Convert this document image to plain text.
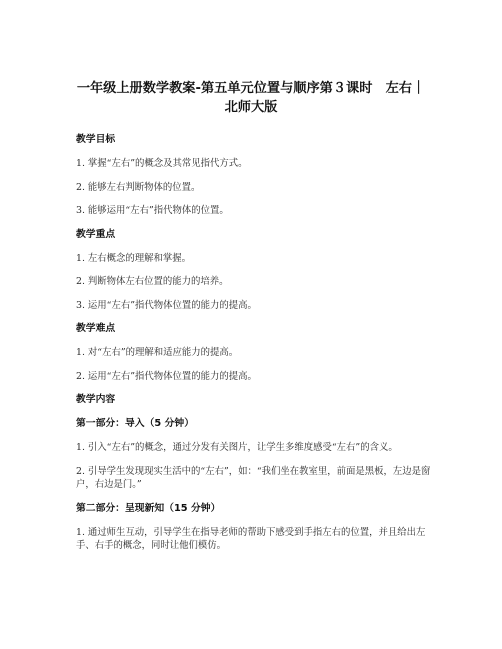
一年级上册数学教案-第五单元位置与顺序第３课时　左右｜
北师大版
教学目标
1. 掌握“左右”的概念及其常见指代方式。
2. 能够左右判断物体的位置。
3. 能够运用“左右”指代物体的位置。
教学重点
1. 左右概念的理解和掌握。
2. 判断物体左右位置的能力的培养。
3. 运用“左右”指代物体位置的能力的提高。
教学难点
1. 对“左右”的理解和适应能力的提高。
2. 运用“左右”指代物体位置的能力的提高。
教学内容
第一部分：导入（5 分钟）
1. 引入“左右”的概念，通过分发有关图片，让学生多维度感受“左右”的含义。
2. 引导学生发现现实生活中的“左右”，如：“我们坐在教室里，前面是黑板，左边是窗户，右边是门。”
第二部分：呈现新知（15 分钟）
1. 通过师生互动，引导学生在指导老师的帮助下感受到手指左右的位置，并且给出左手、右手的概念，同时让他们模仿。
